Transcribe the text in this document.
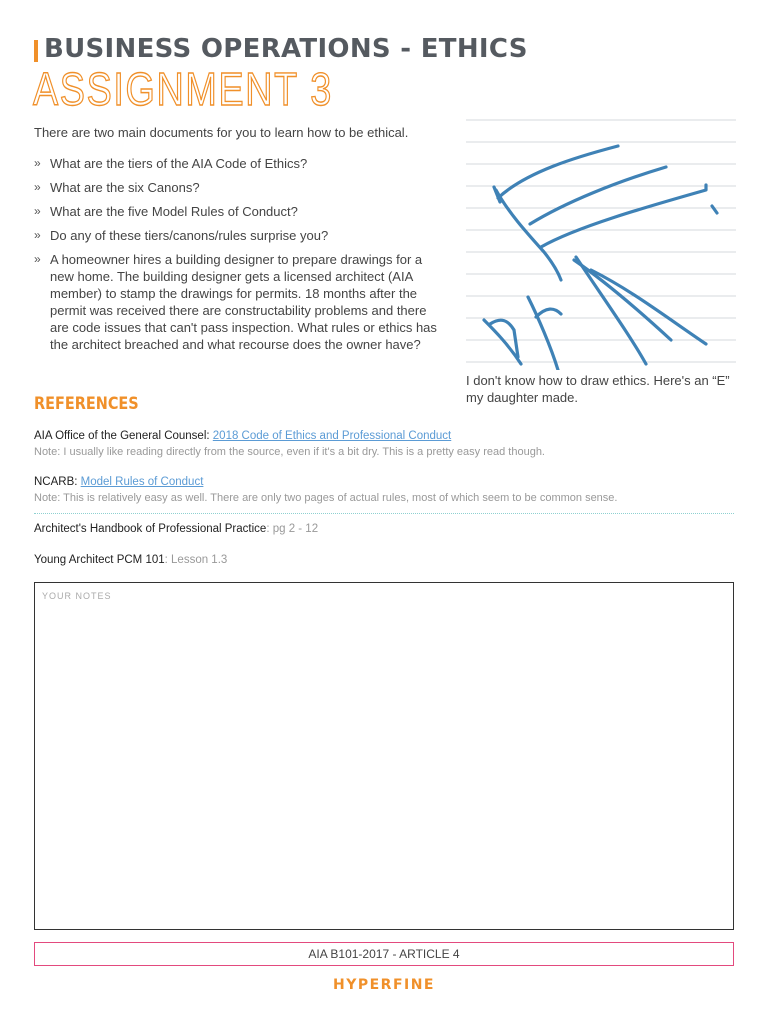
BUSINESS OPERATIONS - ETHICS
ASSIGNMENT 3

There are two main documents for you to learn how to be ethical.

» What are the tiers of the AIA Code of Ethics?
» What are the six Canons?
» What are the five Model Rules of Conduct?
» Do any of these tiers/canons/rules surprise you?
» A homeowner hires a building designer to prepare drawings for a new home. The building designer gets a licensed architect (AIA member) to stamp the drawings for permits. 18 months after the permit was received there are constructability problems and there are code issues that can't pass inspection. What rules or ethics has the architect breached and what recourse does the owner have?

I don't know how to draw ethics. Here's an “E” my daughter made.

REFERENCES
AIA Office of the General Counsel: 2018 Code of Ethics and Professional Conduct
Note: I usually like reading directly from the source, even if it's a bit dry. This is a pretty easy read though.
NCARB: Model Rules of Conduct
Note: This is relatively easy as well. There are only two pages of actual rules, most of which seem to be common sense.
Architect's Handbook of Professional Practice: pg 2 - 12
Young Architect PCM 101: Lesson 1.3
YOUR NOTES
AIA B101-2017 - ARTICLE 4
HYPERFINE
